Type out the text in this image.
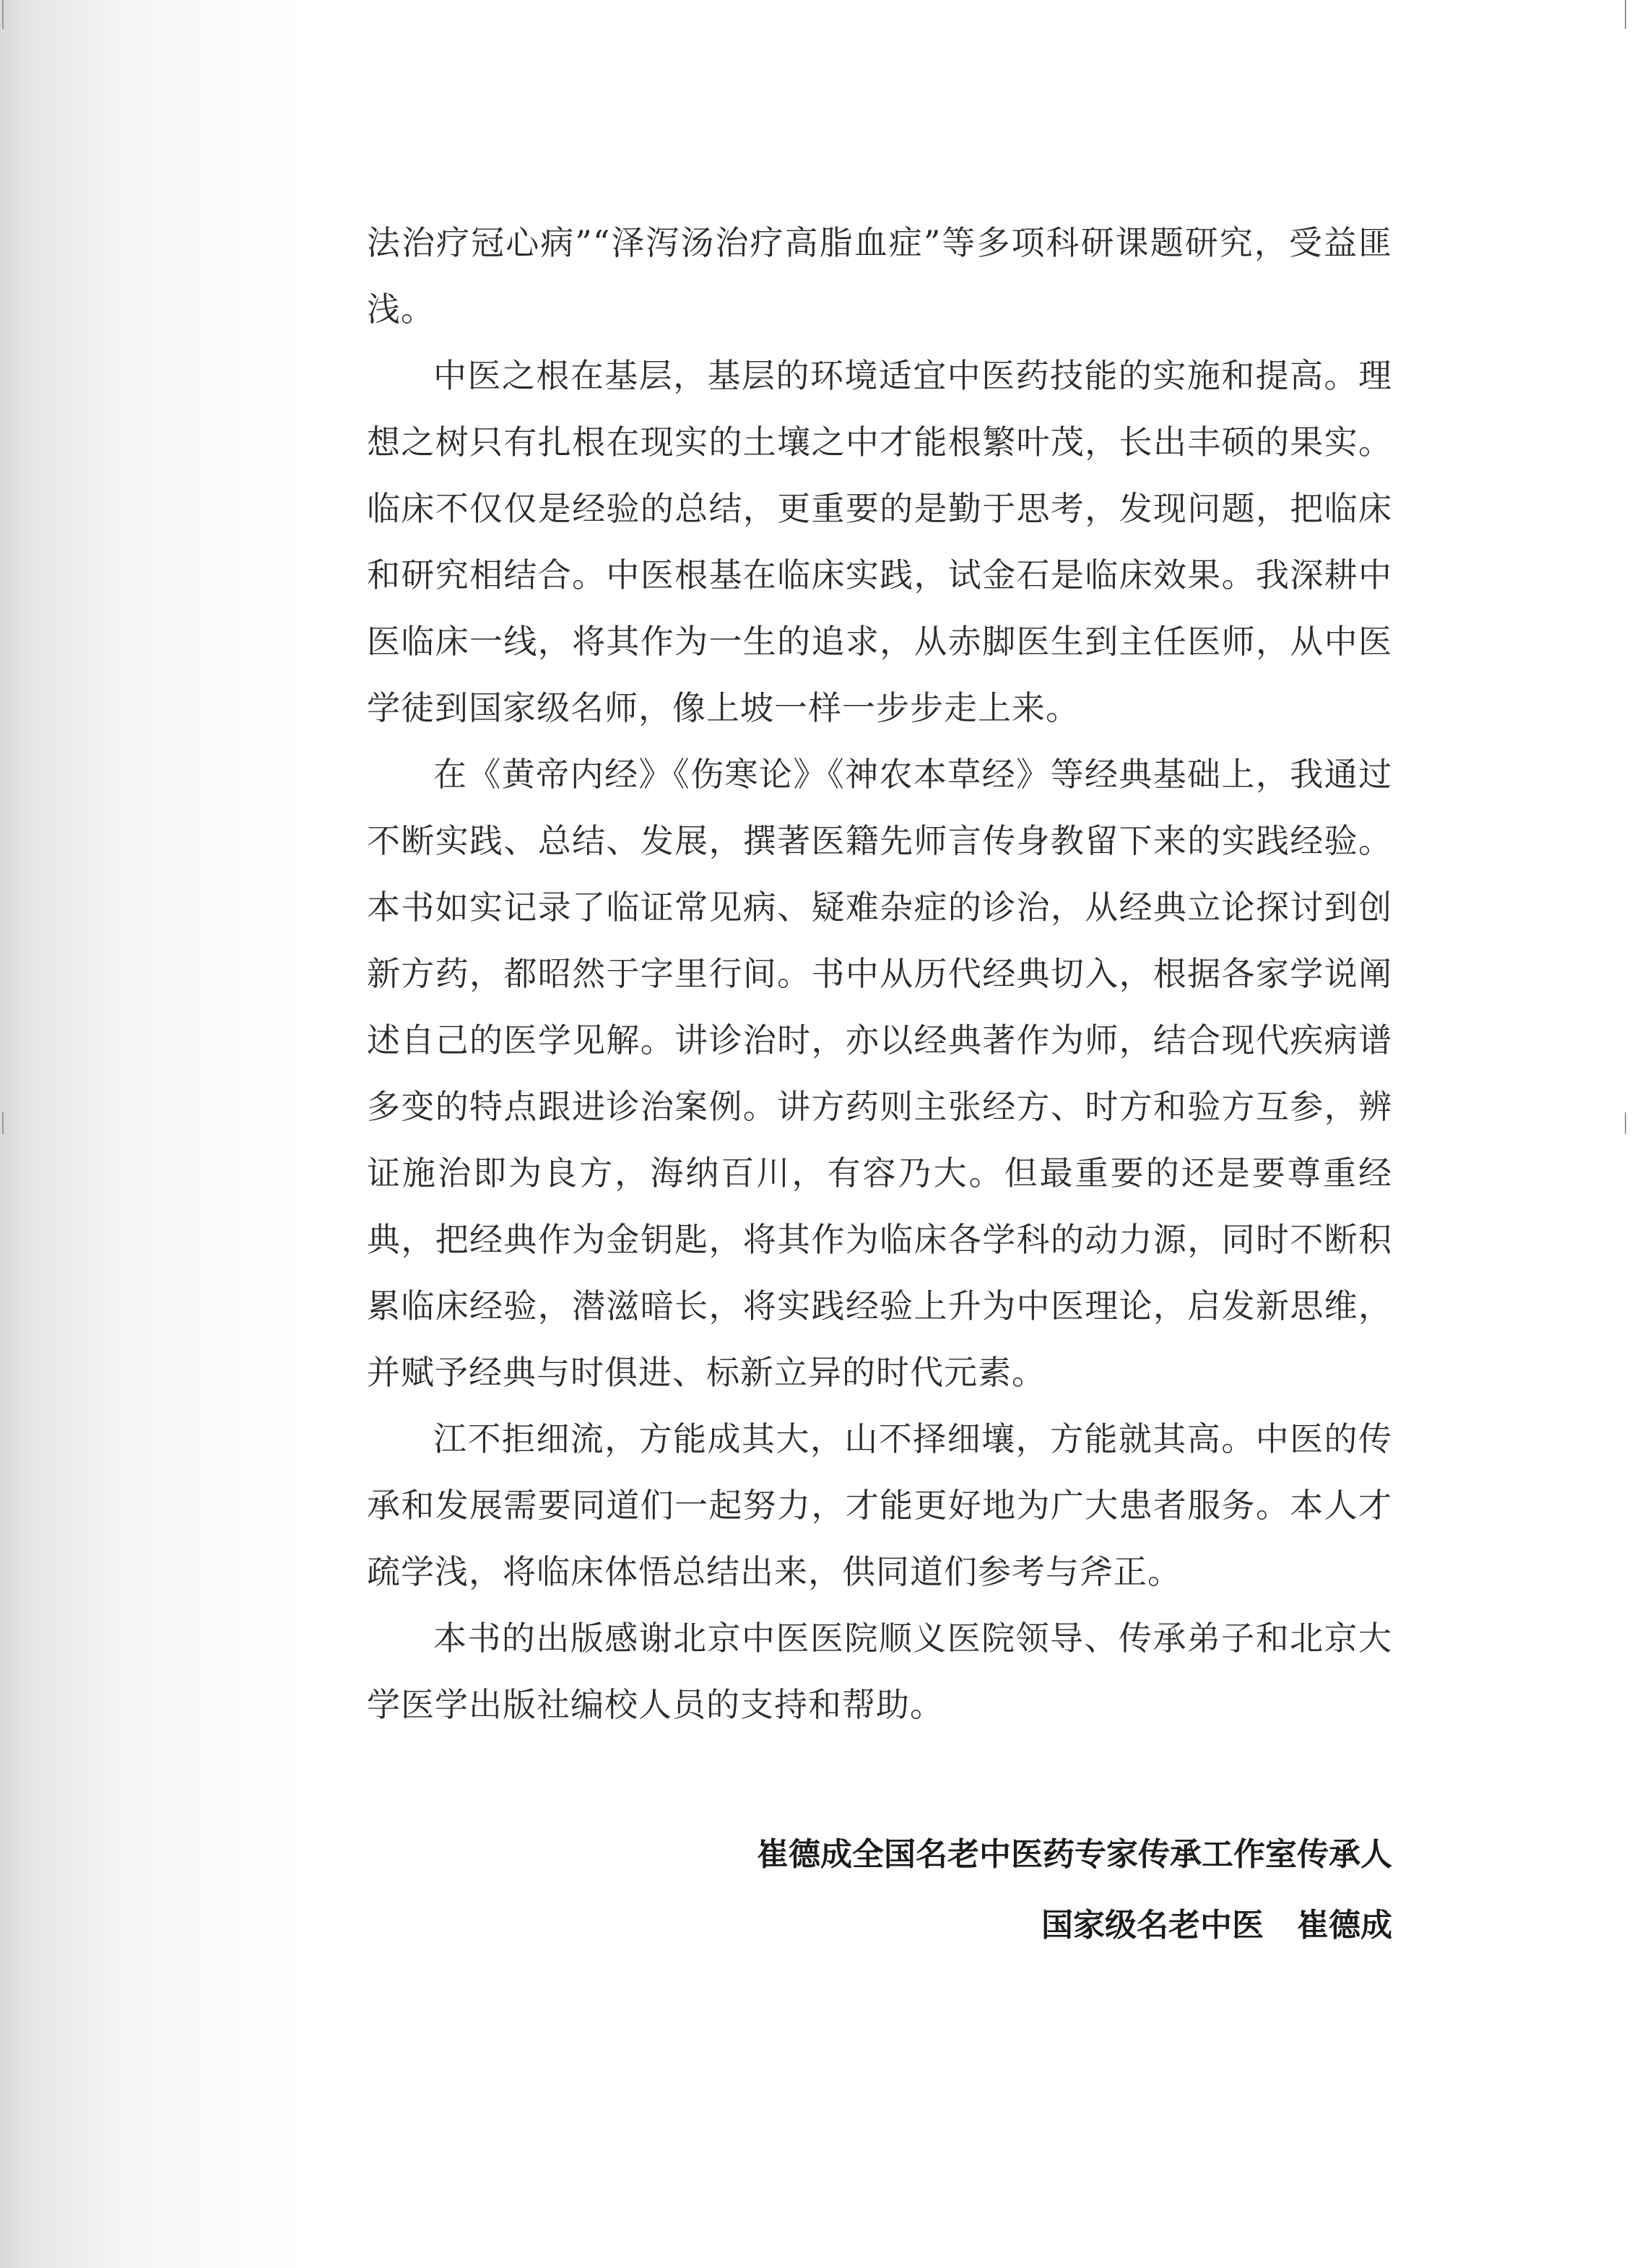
法治疗冠心病”“泽泻汤治疗高脂血症”等多项科研课题研究，受益匪浅。

中医之根在基层，基层的环境适宜中医药技能的实施和提高。理想之树只有扎根在现实的土壤之中才能根繁叶茂，长出丰硕的果实。临床不仅仅是经验的总结，更重要的是勤于思考，发现问题，把临床和研究相结合。中医根基在临床实践，试金石是临床效果。我深耕中医临床一线，将其作为一生的追求，从赤脚医生到主任医师，从中医学徒到国家级名师，像上坡一样一步步走上来。

在《黄帝内经》《伤寒论》《神农本草经》等经典基础上，我通过不断实践、总结、发展，撰著医籍先师言传身教留下来的实践经验。本书如实记录了临证常见病、疑难杂症的诊治，从经典立论探讨到创新方药，都昭然于字里行间。书中从历代经典切入，根据各家学说阐述自己的医学见解。讲诊治时，亦以经典著作为师，结合现代疾病谱多变的特点跟进诊治案例。讲方药则主张经方、时方和验方互参，辨证施治即为良方，海纳百川，有容乃大。但最重要的还是要尊重经典，把经典作为金钥匙，将其作为临床各学科的动力源，同时不断积累临床经验，潜滋暗长，将实践经验上升为中医理论，启发新思维，并赋予经典与时俱进、标新立异的时代元素。

江不拒细流，方能成其大，山不择细壤，方能就其高。中医的传承和发展需要同道们一起努力，才能更好地为广大患者服务。本人才疏学浅，将临床体悟总结出来，供同道们参考与斧正。

本书的出版感谢北京中医医院顺义医院领导、传承弟子和北京大学医学出版社编校人员的支持和帮助。

崔德成全国名老中医药专家传承工作室传承人
国家级名老中医 崔德成
